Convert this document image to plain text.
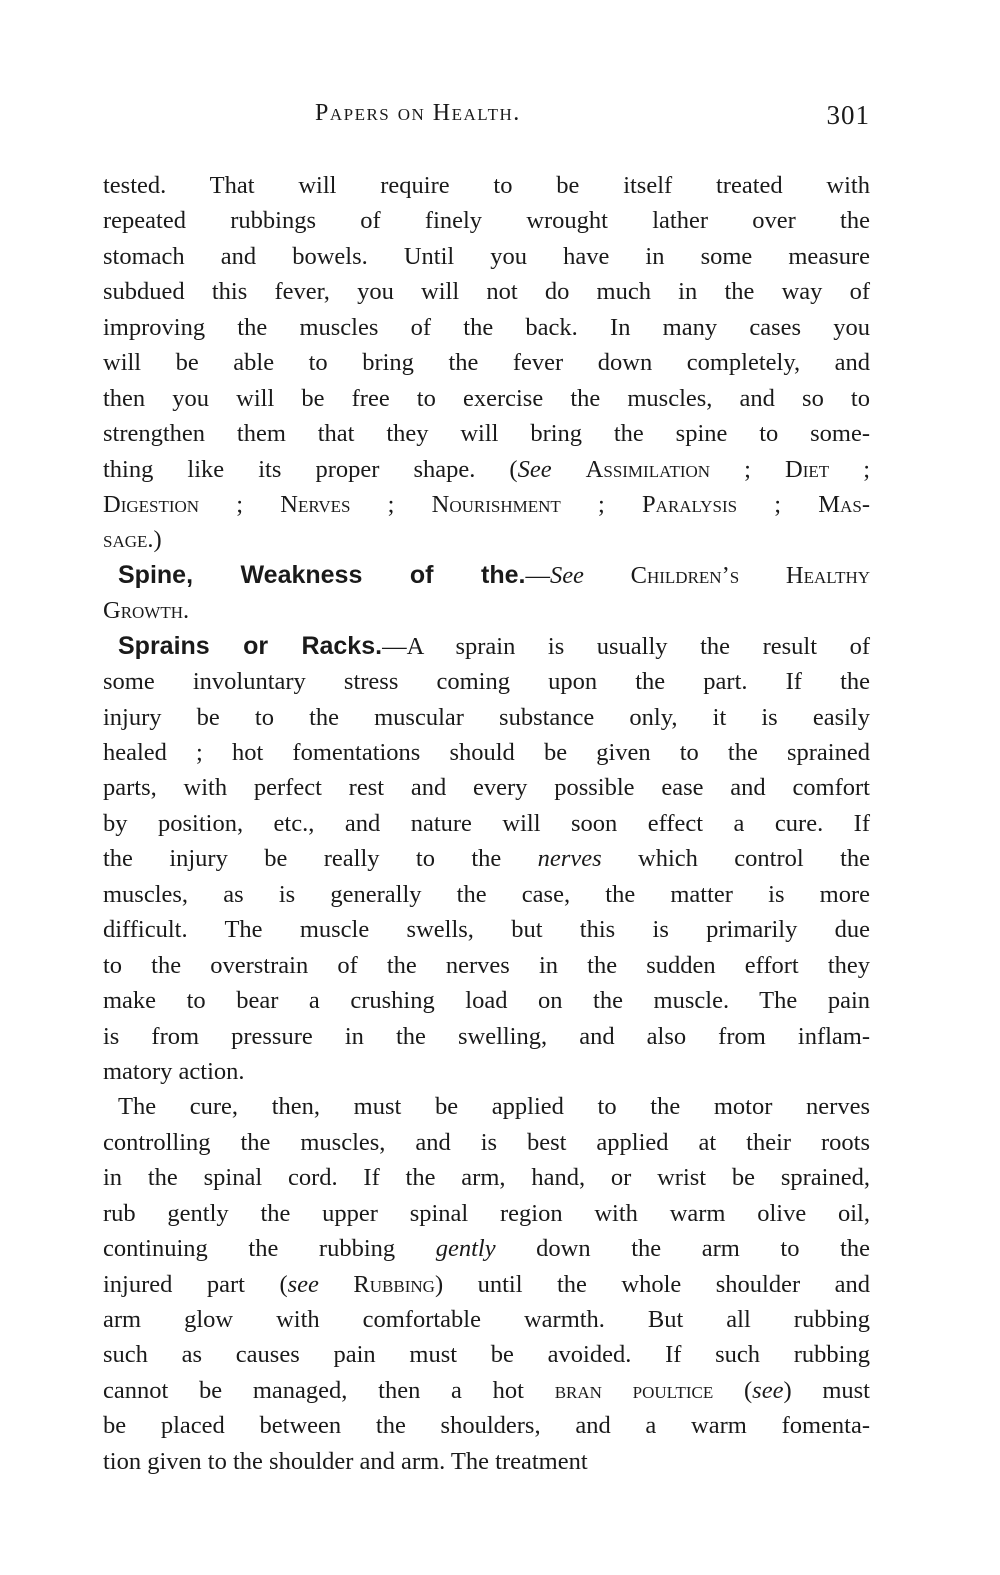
Papers on Health.	301
tested. That will require to be itself treated with
repeated rubbings of finely wrought lather over the
stomach and bowels. Until you have in some measure
subdued this fever, you will not do much in the way of
improving the muscles of the back. In many cases you
will be able to bring the fever down completely, and
then you will be free to exercise the muscles, and so to
strengthen them that they will bring the spine to some-
thing like its proper shape. (See Assimilation ; Diet ;
Digestion ; Nerves ; Nourishment ; Paralysis ; Mas-
sage.)
Spine, Weakness of the.—See Children’s Healthy
Growth.
Sprains or Racks.—A sprain is usually the result of
some involuntary stress coming upon the part. If the
injury be to the muscular substance only, it is easily
healed ; hot fomentations should be given to the sprained
parts, with perfect rest and every possible ease and comfort
by position, etc., and nature will soon effect a cure. If
the injury be really to the nerves which control the
muscles, as is generally the case, the matter is more
difficult. The muscle swells, but this is primarily due
to the overstrain of the nerves in the sudden effort they
make to bear a crushing load on the muscle. The pain
is from pressure in the swelling, and also from inflam-
matory action.
The cure, then, must be applied to the motor nerves
controlling the muscles, and is best applied at their roots
in the spinal cord. If the arm, hand, or wrist be sprained,
rub gently the upper spinal region with warm olive oil,
continuing the rubbing gently down the arm to the
injured part (see Rubbing) until the whole shoulder and
arm glow with comfortable warmth. But all rubbing
such as causes pain must be avoided. If such rubbing
cannot be managed, then a hot bran poultice (see) must
be placed between the shoulders, and a warm fomenta-
tion given to the shoulder and arm. The treatment
